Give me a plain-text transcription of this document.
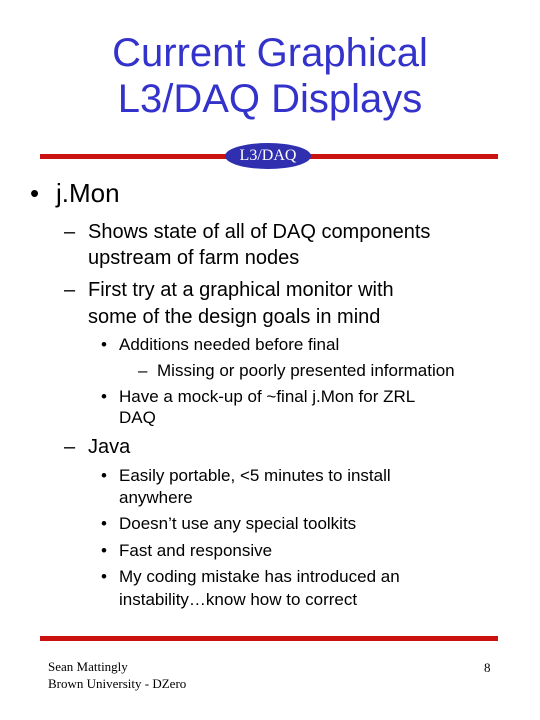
Current Graphical
L3/DAQ Displays
L3/DAQ
• j.Mon
– Shows state of all of DAQ components
upstream of farm nodes
– First try at a graphical monitor with
some of the design goals in mind
• Additions needed before final
– Missing or poorly presented information
• Have a mock-up of ~final j.Mon for ZRL
DAQ
– Java
• Easily portable, <5 minutes to install
anywhere
• Doesn’t use any special toolkits
• Fast and responsive
• My coding mistake has introduced an
instability…know how to correct
Sean Mattingly
Brown University - DZero
8
